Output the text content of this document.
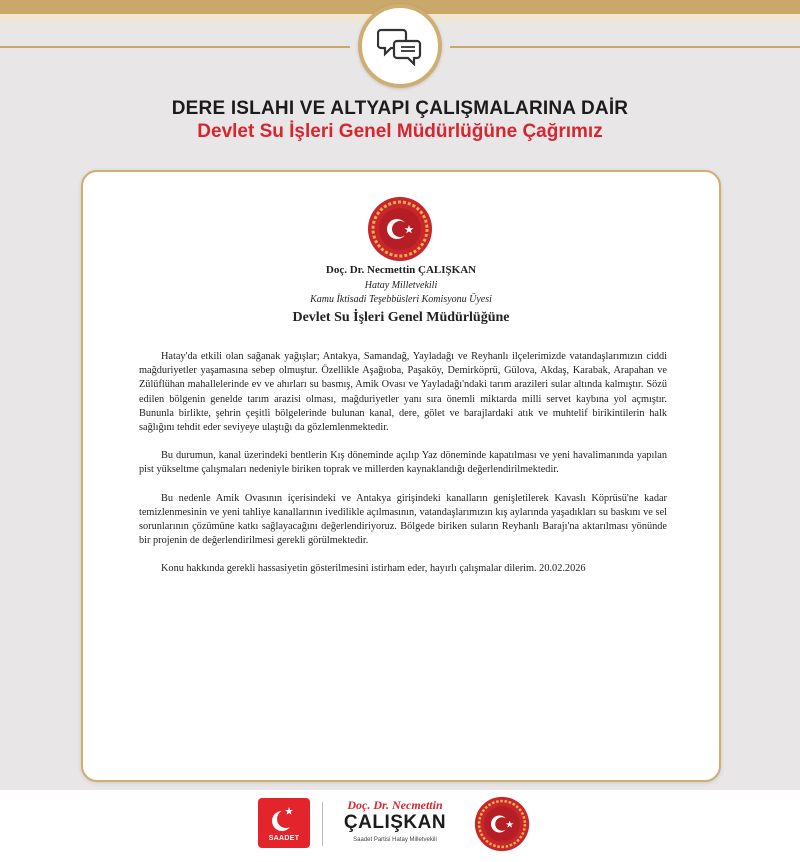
DERE ISLAHI VE ALTYAPI ÇALIŞMALARINA DAİR
Devlet Su İşleri Genel Müdürlüğüne Çağrımız
Doç. Dr. Necmettin ÇALIŞKAN
Hatay Milletvekili
Kamu İktisadi Teşebbüsleri Komisyonu Üyesi
Devlet Su İşleri Genel Müdürlüğüne

Hatay'da etkili olan sağanak yağışlar; Antakya, Samandağ, Yayladağı ve Reyhanlı ilçelerimizde vatandaşlarımızın ciddi mağduriyetler yaşamasına sebep olmuştur. Özellikle Aşağıoba, Paşaköy, Demirköprü, Gülova, Akdaş, Karabak, Arapahan ve Zülüflühan mahallelerinde ev ve ahırları su basmış, Amik Ovası ve Yayladağı'ndaki tarım arazileri sular altında kalmıştır. Sözü edilen bölgenin genelde tarım arazisi olması, mağduriyetler yanı sıra önemli miktarda milli servet kaybına yol açmıştır. Bununla birlikte, şehrin çeşitli bölgelerinde bulunan kanal, dere, gölet ve barajlardaki atık ve muhtelif birikintilerin halk sağlığını tehdit eder seviyeye ulaştığı da gözlemlenmektedir.

Bu durumun, kanal üzerindeki bentlerin Kış döneminde açılıp Yaz döneminde kapatılması ve yeni havalimanında yapılan pist yükseltme çalışmaları nedeniyle biriken toprak ve millerden kaynaklandığı değerlendirilmektedir.

Bu nedenle Amik Ovasının içerisindeki ve Antakya girişindeki kanalların genişletilerek Kavaslı Köprüsü'ne kadar temizlenmesinin ve yeni tahliye kanallarının ivedilikle açılmasının, vatandaşlarımızın kış aylarında yaşadıkları su baskını ve sel sorunlarının çözümüne katkı sağlayacağını değerlendiriyoruz. Bölgede biriken suların Reyhanlı Barajı'na aktarılması yönünde bir projenin de değerlendirilmesi gerekli görülmektedir.

Konu hakkında gerekli hassasiyetin gösterilmesini istirham eder, hayırlı çalışmalar dilerim. 20.02.2026

SAADET
Doç. Dr. Necmettin
ÇALIŞKAN
Saadet Partisi Hatay Milletvekili
